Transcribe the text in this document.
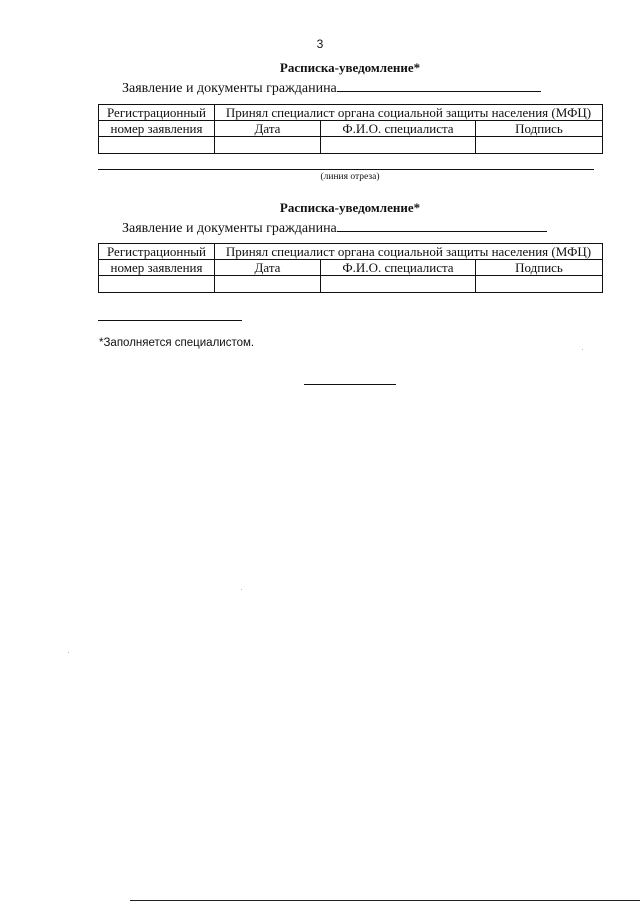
3
Расписка-уведомление*
Заявление и документы гражданина
Регистрационный	Принял специалист органа социальной защиты населения (МФЦ)		
номер заявления	Дата	Ф.И.О. специалиста	Подпись

(линия отреза)
Расписка-уведомление*
Заявление и документы гражданина
Регистрационный	Принял специалист органа социальной защиты населения (МФЦ)		
номер заявления	Дата	Ф.И.О. специалиста	Подпись

*Заполняется специалистом.
